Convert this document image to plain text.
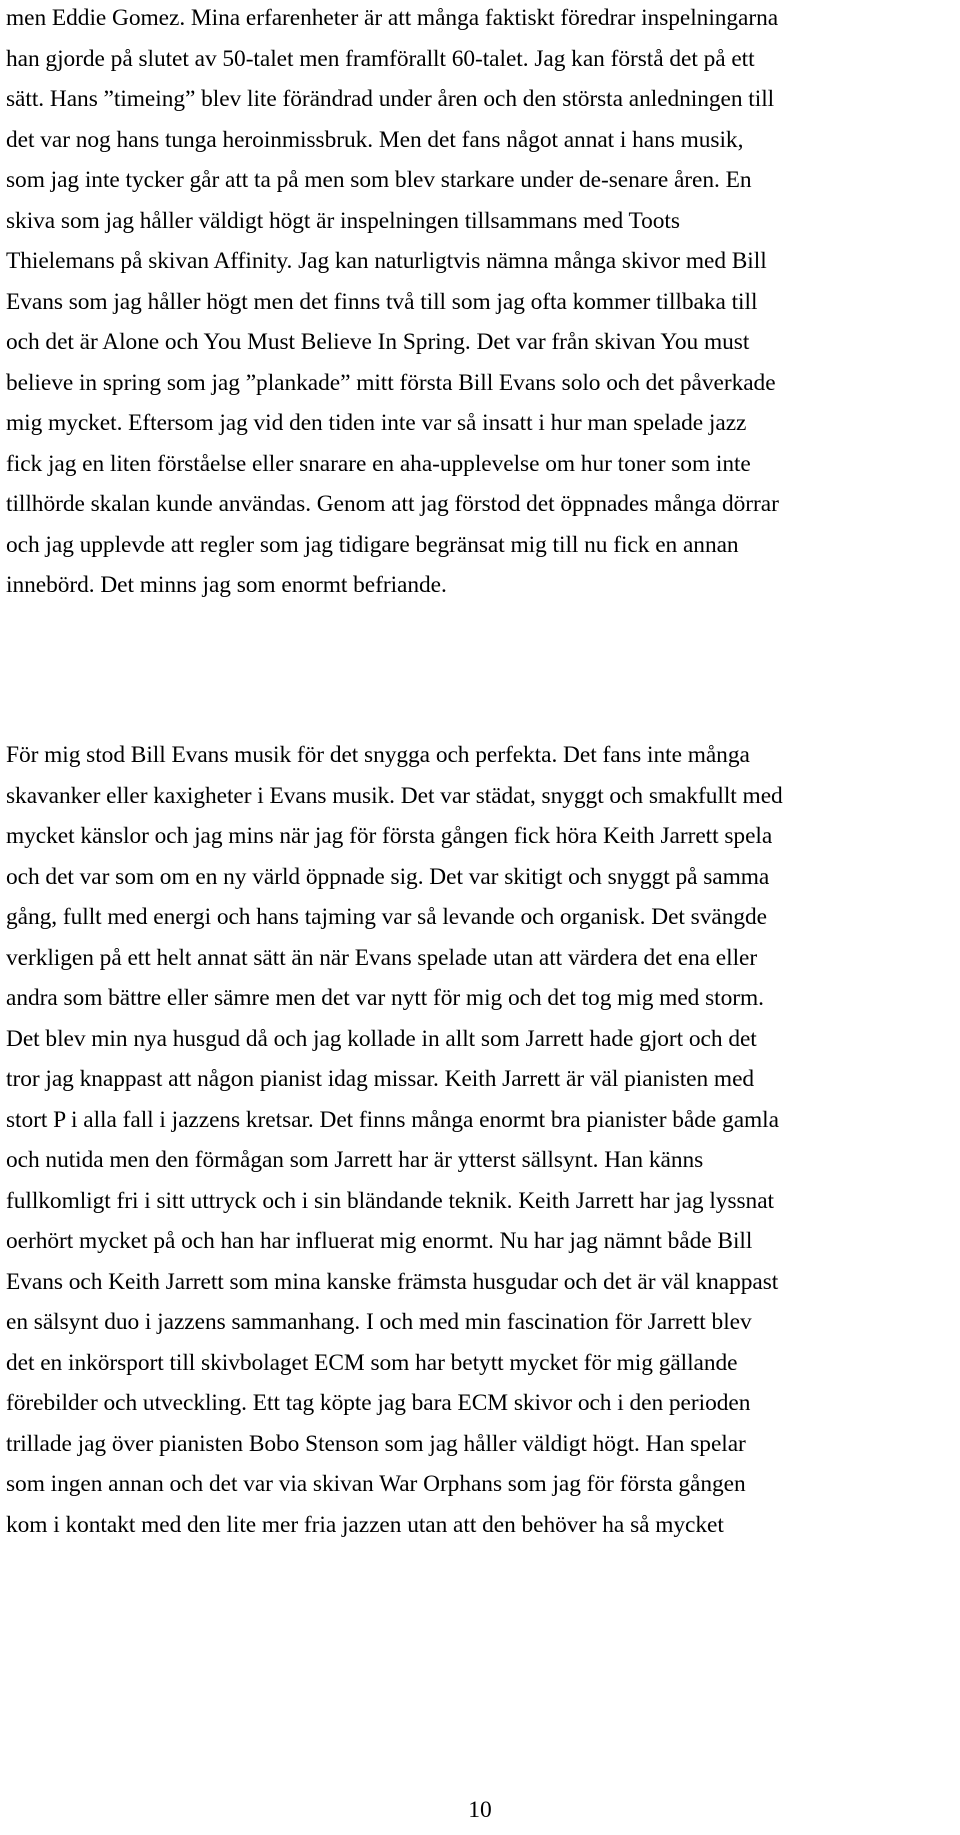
men Eddie Gomez. Mina erfarenheter är att många faktiskt föredrar inspelningarna
han gjorde på slutet av 50-talet men framförallt 60-talet. Jag kan förstå det på ett
sätt. Hans ”timeing” blev lite förändrad under åren och den största anledningen till
det var nog hans tunga heroinmissbruk. Men det fans något annat i hans musik,
som jag inte tycker går att ta på men som blev starkare under de-senare åren. En
skiva som jag håller väldigt högt är inspelningen tillsammans med Toots
Thielemans på skivan Affinity. Jag kan naturligtvis nämna många skivor med Bill
Evans som jag håller högt men det finns två till som jag ofta kommer tillbaka till
och det är Alone och You Must Believe In Spring. Det var från skivan You must
believe in spring som jag ”plankade” mitt första Bill Evans solo och det påverkade
mig mycket. Eftersom jag vid den tiden inte var så insatt i hur man spelade jazz
fick jag en liten förståelse eller snarare en aha-upplevelse om hur toner som inte
tillhörde skalan kunde användas. Genom att jag förstod det öppnades många dörrar
och jag upplevde att regler som jag tidigare begränsat mig till nu fick en annan
innebörd. Det minns jag som enormt befriande.
För mig stod Bill Evans musik för det snygga och perfekta. Det fans inte många
skavanker eller kaxigheter i Evans musik. Det var städat, snyggt och smakfullt med
mycket känslor och jag mins när jag för första gången fick höra Keith Jarrett spela
och det var som om en ny värld öppnade sig. Det var skitigt och snyggt på samma
gång, fullt med energi och hans tajming var så levande och organisk. Det svängde
verkligen på ett helt annat sätt än när Evans spelade utan att värdera det ena eller
andra som bättre eller sämre men det var nytt för mig och det tog mig med storm.
Det blev min nya husgud då och jag kollade in allt som Jarrett hade gjort och det
tror jag knappast att någon pianist idag missar. Keith Jarrett är väl pianisten med
stort P i alla fall i jazzens kretsar. Det finns många enormt bra pianister både gamla
och nutida men den förmågan som Jarrett har är ytterst sällsynt. Han känns
fullkomligt fri i sitt uttryck och i sin bländande teknik. Keith Jarrett har jag lyssnat
oerhört mycket på och han har influerat mig enormt. Nu har jag nämnt både Bill
Evans och Keith Jarrett som mina kanske främsta husgudar och det är väl knappast
en sälsynt duo i jazzens sammanhang. I och med min fascination för Jarrett blev
det en inkörsport till skivbolaget ECM som har betytt mycket för mig gällande
förebilder och utveckling. Ett tag köpte jag bara ECM skivor och i den perioden
trillade jag över pianisten Bobo Stenson som jag håller väldigt högt. Han spelar
som ingen annan och det var via skivan War Orphans som jag för första gången
kom i kontakt med den lite mer fria jazzen utan att den behöver ha så mycket
10
